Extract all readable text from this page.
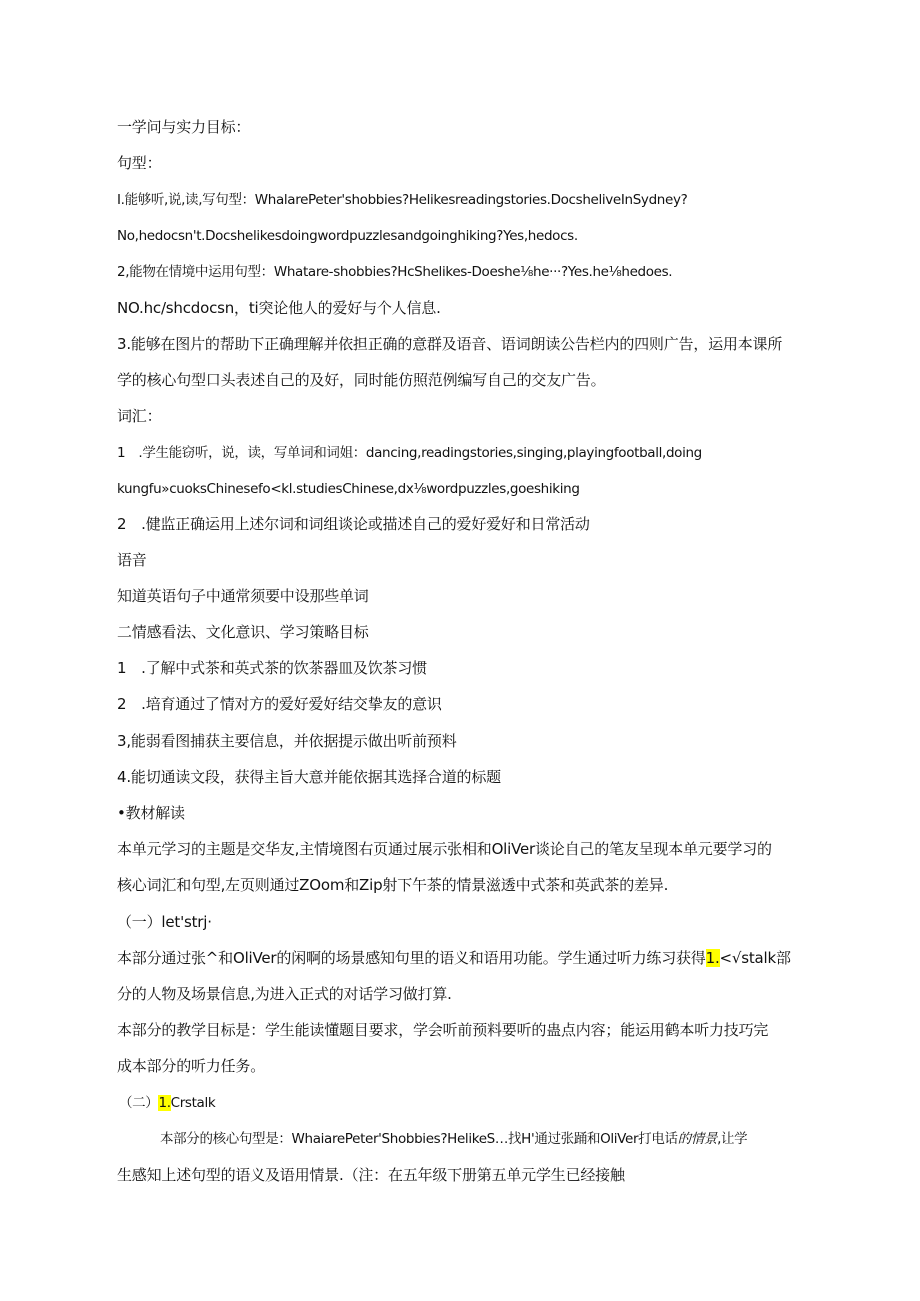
一学问与实力目标：
句型：
I.能够听,说,读,写句型：WhalarePeter'shobbies?Helikesreadingstories.DocsheliveInSydney?
No,hedocsn't.Docshelikesdoingwordpuzzlesandgoinghiking?Yes,hedocs.
2,能物在情境中运用句型：Whatare-shobbies?HcShelikes-Doeshe⅛he···?Yes.he⅛hedoes.
NO.hc/shcdocsn，ti突论他人的爱好与个人信息.
3.能够在图片的帮助下正确理解并依担正确的意群及语音、语词朗读公告栏内的四则广告，运用本课所
学的核心句型口头表述自己的及好，同时能仿照范例编写自己的交友广告。
词汇：
1　.学生能窃听，说，读，写单词和词姐：dancing,readingstories,singing,playingfootball,doing
kungfu»cuoksChinesefo<kl.studiesChinese,dx⅛wordpuzzles,goeshiking
2　.健监正确运用上述尔词和词组谈论或描述自己的爱好爱好和日常活动
语音
知道英语句子中通常须要中设那些单词
二情感看法、文化意识、学习策略目标
1　.了解中式茶和英式茶的饮茶器皿及饮茶习惯
2　.培育通过了情对方的爱好爱好结交挚友的意识
3,能弱看图捕获主要信息，并依据提示做出听前预料
4.能切通读文段，获得主旨大意并能依据其选择合道的标题
•教材解读
本单元学习的主题是交华友,主情境图右页通过展示张相和OliVer谈论自己的笔友呈现本单元要学习的
核心词汇和句型,左页则通过ZOom和Zip射下午茶的情景滋透中式茶和英武茶的差异.
（一）let'strj·
本部分通过张^和OliVer的闲啊的场景感知句里的语义和语用功能。学生通过听力练习获得1.<√stalk部
分的人物及场景信息,为进入正式的对话学习做打算.
本部分的教学目标是：学生能读懂题目要求，学会听前预料要听的蛊点内容；能运用鹤本听力技巧完
成本部分的听力任务。
（二）1.Crstalk
本部分的核心句型是：WhaiarePeter'Shobbies?HelikeS…找H'通过张踊和OliVer打电话的情景,让学
生感知上述句型的语义及语用情景.（注：在五年级下册第五单元学生已经接触
